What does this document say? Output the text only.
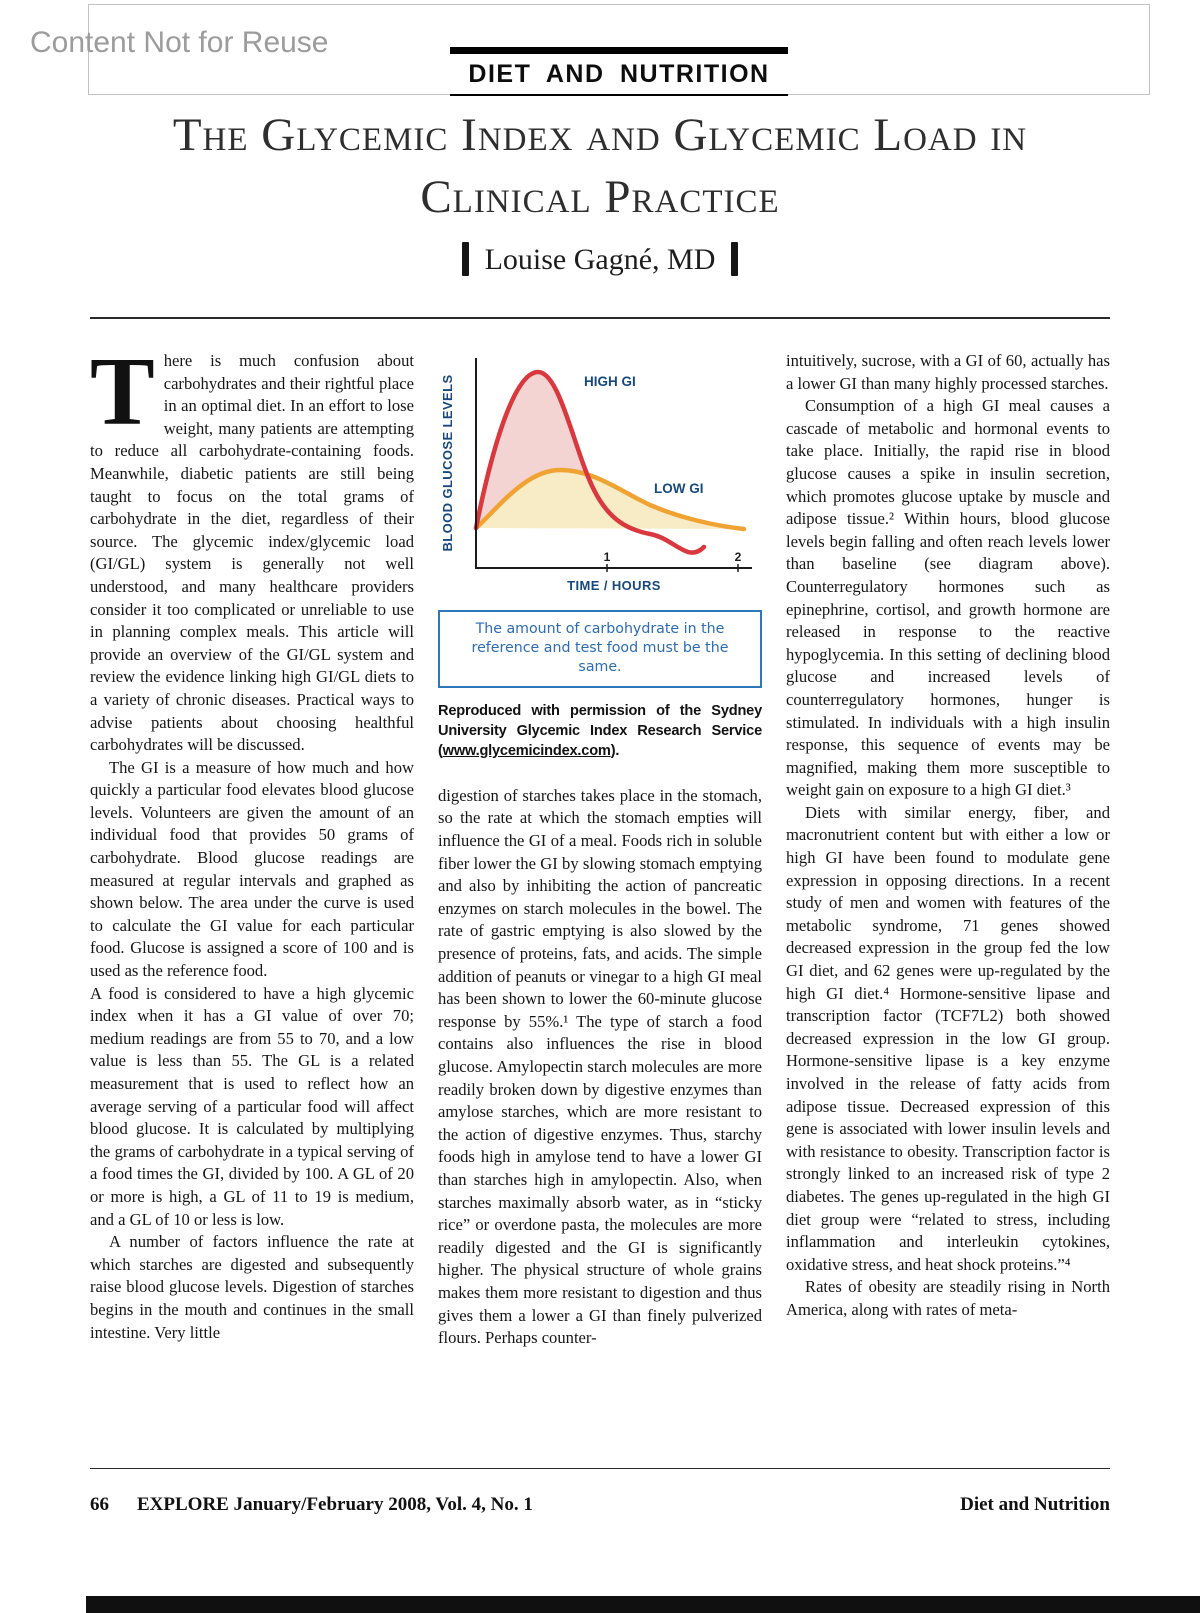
Content Not for Reuse
DIET AND NUTRITION
The Glycemic Index and Glycemic Load in
Clinical Practice
Louise Gagné, MD

There is much confusion about carbohydrates and their rightful place in an optimal diet. In an effort to lose weight, many patients are attempting to reduce all carbohydrate-containing foods. Meanwhile, diabetic patients are still being taught to focus on the total grams of carbohydrate in the diet, regardless of their source. The glycemic index/glycemic load (GI/GL) system is generally not well understood, and many healthcare providers consider it too complicated or unreliable to use in planning complex meals. This article will provide an overview of the GI/GL system and review the evidence linking high GI/GL diets to a variety of chronic diseases. Practical ways to advise patients about choosing healthful carbohydrates will be discussed.

The GI is a measure of how much and how quickly a particular food elevates blood glucose levels. Volunteers are given the amount of an individual food that provides 50 grams of carbohydrate. Blood glucose readings are measured at regular intervals and graphed as shown below. The area under the curve is used to calculate the GI value for each particular food. Glucose is assigned a score of 100 and is used as the reference food.

A food is considered to have a high glycemic index when it has a GI value of over 70; medium readings are from 55 to 70, and a low value is less than 55. The GL is a related measurement that is used to reflect how an average serving of a particular food will affect blood glucose. It is calculated by multiplying the grams of carbohydrate in a typical serving of a food times the GI, divided by 100. A GL of 20 or more is high, a GL of 11 to 19 is medium, and a GL of 10 or less is low.

A number of factors influence the rate at which starches are digested and subsequently raise blood glucose levels. Digestion of starches begins in the mouth and continues in the small intestine. Very little

1	2
TIME / HOURS
BLOOD GLUCOSE LEVELS	HIGH GI
LOW GI
The amount of carbohydrate in the reference and test food must be the same.
Reproduced with permission of the Sydney University Glycemic Index Research Service (www.glycemicindex.com).

digestion of starches takes place in the stomach, so the rate at which the stomach empties will influence the GI of a meal. Foods rich in soluble fiber lower the GI by slowing stomach emptying and also by inhibiting the action of pancreatic enzymes on starch molecules in the bowel. The rate of gastric emptying is also slowed by the presence of proteins, fats, and acids. The simple addition of peanuts or vinegar to a high GI meal has been shown to lower the 60-minute glucose response by 55%.¹ The type of starch a food contains also influences the rise in blood glucose. Amylopectin starch molecules are more readily broken down by digestive enzymes than amylose starches, which are more resistant to the action of digestive enzymes. Thus, starchy foods high in amylose tend to have a lower GI than starches high in amylopectin. Also, when starches maximally absorb water, as in “sticky rice” or overdone pasta, the molecules are more readily digested and the GI is significantly higher. The physical structure of whole grains makes them more resistant to digestion and thus gives them a lower a GI than finely pulverized flours. Perhaps counter-

intuitively, sucrose, with a GI of 60, actually has a lower GI than many highly processed starches.

Consumption of a high GI meal causes a cascade of metabolic and hormonal events to take place. Initially, the rapid rise in blood glucose causes a spike in insulin secretion, which promotes glucose uptake by muscle and adipose tissue.² Within hours, blood glucose levels begin falling and often reach levels lower than baseline (see diagram above). Counterregulatory hormones such as epinephrine, cortisol, and growth hormone are released in response to the reactive hypoglycemia. In this setting of declining blood glucose and increased levels of counterregulatory hormones, hunger is stimulated. In individuals with a high insulin response, this sequence of events may be magnified, making them more susceptible to weight gain on exposure to a high GI diet.³

Diets with similar energy, fiber, and macronutrient content but with either a low or high GI have been found to modulate gene expression in opposing directions. In a recent study of men and women with features of the metabolic syndrome, 71 genes showed decreased expression in the group fed the low GI diet, and 62 genes were up-regulated by the high GI diet.⁴ Hormone-sensitive lipase and transcription factor (TCF7L2) both showed decreased expression in the low GI group. Hormone-sensitive lipase is a key enzyme involved in the release of fatty acids from adipose tissue. Decreased expression of this gene is associated with lower insulin levels and with resistance to obesity. Transcription factor is strongly linked to an increased risk of type 2 diabetes. The genes up-regulated in the high GI diet group were “related to stress, including inflammation and interleukin cytokines, oxidative stress, and heat shock proteins.”⁴

Rates of obesity are steadily rising in North America, along with rates of meta-

66 EXPLORE January/February 2008, Vol. 4, No. 1	Diet and Nutrition
